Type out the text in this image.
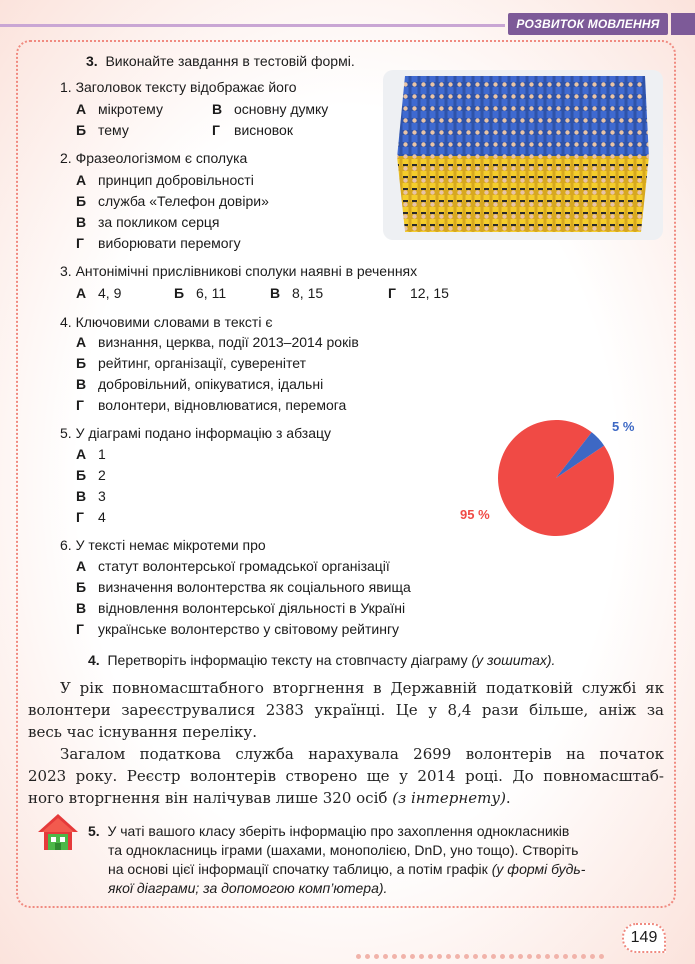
РОЗВИТОК МОВЛЕННЯ
3. Виконайте завдання в тестовій формі.
1. Заголовок тексту відображає його
А мікротему	В основну думку
Б тему	Г висновок
2. Фразеологізмом є сполука
А принцип добровільності
Б служба «Телефон довіри»
В за покликом серця
Г виборювати перемогу
3. Антонімічні прислівникові сполуки наявні в реченнях
А 4, 9	Б 6, 11	В 8, 15	Г 12, 15
4. Ключовими словами в тексті є
А визнання, церква, події 2013–2014 років
Б рейтинг, організації, суверенітет
В добровільний, опікуватися, ідальні
Г волонтери, відновлюватися, перемога
5. У діаграмі подано інформацію з абзацу
А 1
Б 2
В 3
Г 4
5 %
95 %
6. У тексті немає мікротеми про
А статут волонтерської громадської організації
Б визначення волонтерства як соціального явища
В відновлення волонтерської діяльності в Україні
Г українське волонтерство у світовому рейтингу
4. Перетворіть інформацію тексту на стовпчасту діаграму (у зошитах).
У рік повномасштабного вторгнення в Державній податковій службі як
волонтери зареєструвалися 2383 українці. Це у 8,4 рази більше, аніж за
весь час існування переліку.
Загалом податкова служба нарахувала 2699 волонтерів на початок
2023 року. Реєстр волонтерів створено ще у 2014 році. До повномасштаб-
ного вторгнення він налічував лише 320 осіб (з інтернету).
5. У чаті вашого класу зберіть інформацію про захоплення однокласників
та однокласниць іграми (шахами, монополією, DnD, уно тощо). Створіть
на основі цієї інформації спочатку таблицю, а потім графік (у формі будь-
якої діаграми; за допомогою комп’ютера).
149
